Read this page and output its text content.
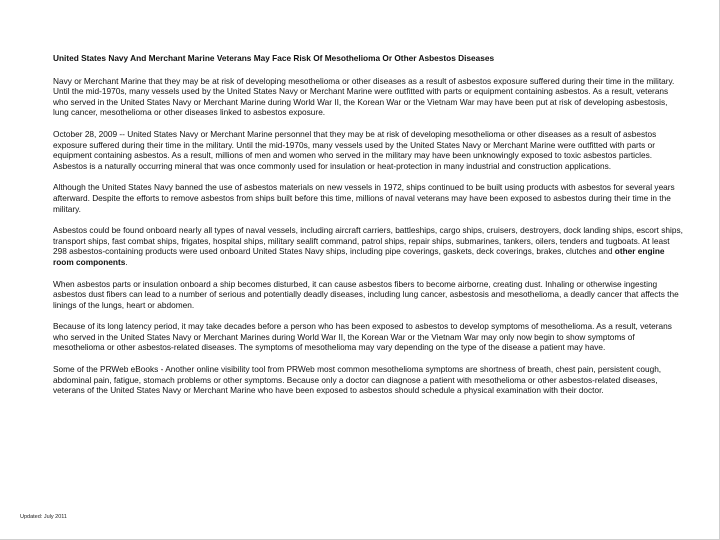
United States Navy And Merchant Marine Veterans May Face Risk Of Mesothelioma Or Other Asbestos Diseases

Navy or Merchant Marine that they may be at risk of developing mesothelioma or other diseases as a result of asbestos exposure suffered during their time in the military. Until the mid-1970s, many vessels used by the United States Navy or Merchant Marine were outfitted with parts or equipment containing asbestos. As a result, veterans who served in the United States Navy or Merchant Marine during World War II, the Korean War or the Vietnam War may have been put at risk of developing asbestosis, lung cancer, mesothelioma or other diseases linked to asbestos exposure.

October 28, 2009 -- United States Navy or Merchant Marine personnel that they may be at risk of developing mesothelioma or other diseases as a result of asbestos exposure suffered during their time in the military. Until the mid-1970s, many vessels used by the United States Navy or Merchant Marine were outfitted with parts or equipment containing asbestos. As a result, millions of men and women who served in the military may have been unknowingly exposed to toxic asbestos particles. Asbestos is a naturally occurring mineral that was once commonly used for insulation or heat-protection in many industrial and construction applications.

Although the United States Navy banned the use of asbestos materials on new vessels in 1972, ships continued to be built using products with asbestos for several years afterward. Despite the efforts to remove asbestos from ships built before this time, millions of naval veterans may have been exposed to asbestos during their time in the military.

Asbestos could be found onboard nearly all types of naval vessels, including aircraft carriers, battleships, cargo ships, cruisers, destroyers, dock landing ships, escort ships, transport ships, fast combat ships, frigates, hospital ships, military sealift command, patrol ships, repair ships, submarines, tankers, oilers, tenders and tugboats. At least 298 asbestos-containing products were used onboard United States Navy ships, including pipe coverings, gaskets, deck coverings, brakes, clutches and other engine room components.

When asbestos parts or insulation onboard a ship becomes disturbed, it can cause asbestos fibers to become airborne, creating dust. Inhaling or otherwise ingesting asbestos dust fibers can lead to a number of serious and potentially deadly diseases, including lung cancer, asbestosis and mesothelioma, a deadly cancer that affects the linings of the lungs, heart or abdomen.

Because of its long latency period, it may take decades before a person who has been exposed to asbestos to develop symptoms of mesothelioma. As a result, veterans who served in the United States Navy or Merchant Marines during World War II, the Korean War or the Vietnam War may only now begin to show symptoms of mesothelioma or other asbestos-related diseases. The symptoms of mesothelioma may vary depending on the type of the disease a patient may have.

Some of the PRWeb eBooks - Another online visibility tool from PRWeb most common mesothelioma symptoms are shortness of breath, chest pain, persistent cough, abdominal pain, fatigue, stomach problems or other symptoms. Because only a doctor can diagnose a patient with mesothelioma or other asbestos-related diseases, veterans of the United States Navy or Merchant Marine who have been exposed to asbestos should schedule a physical examination with their doctor.

Updated: July 2011
